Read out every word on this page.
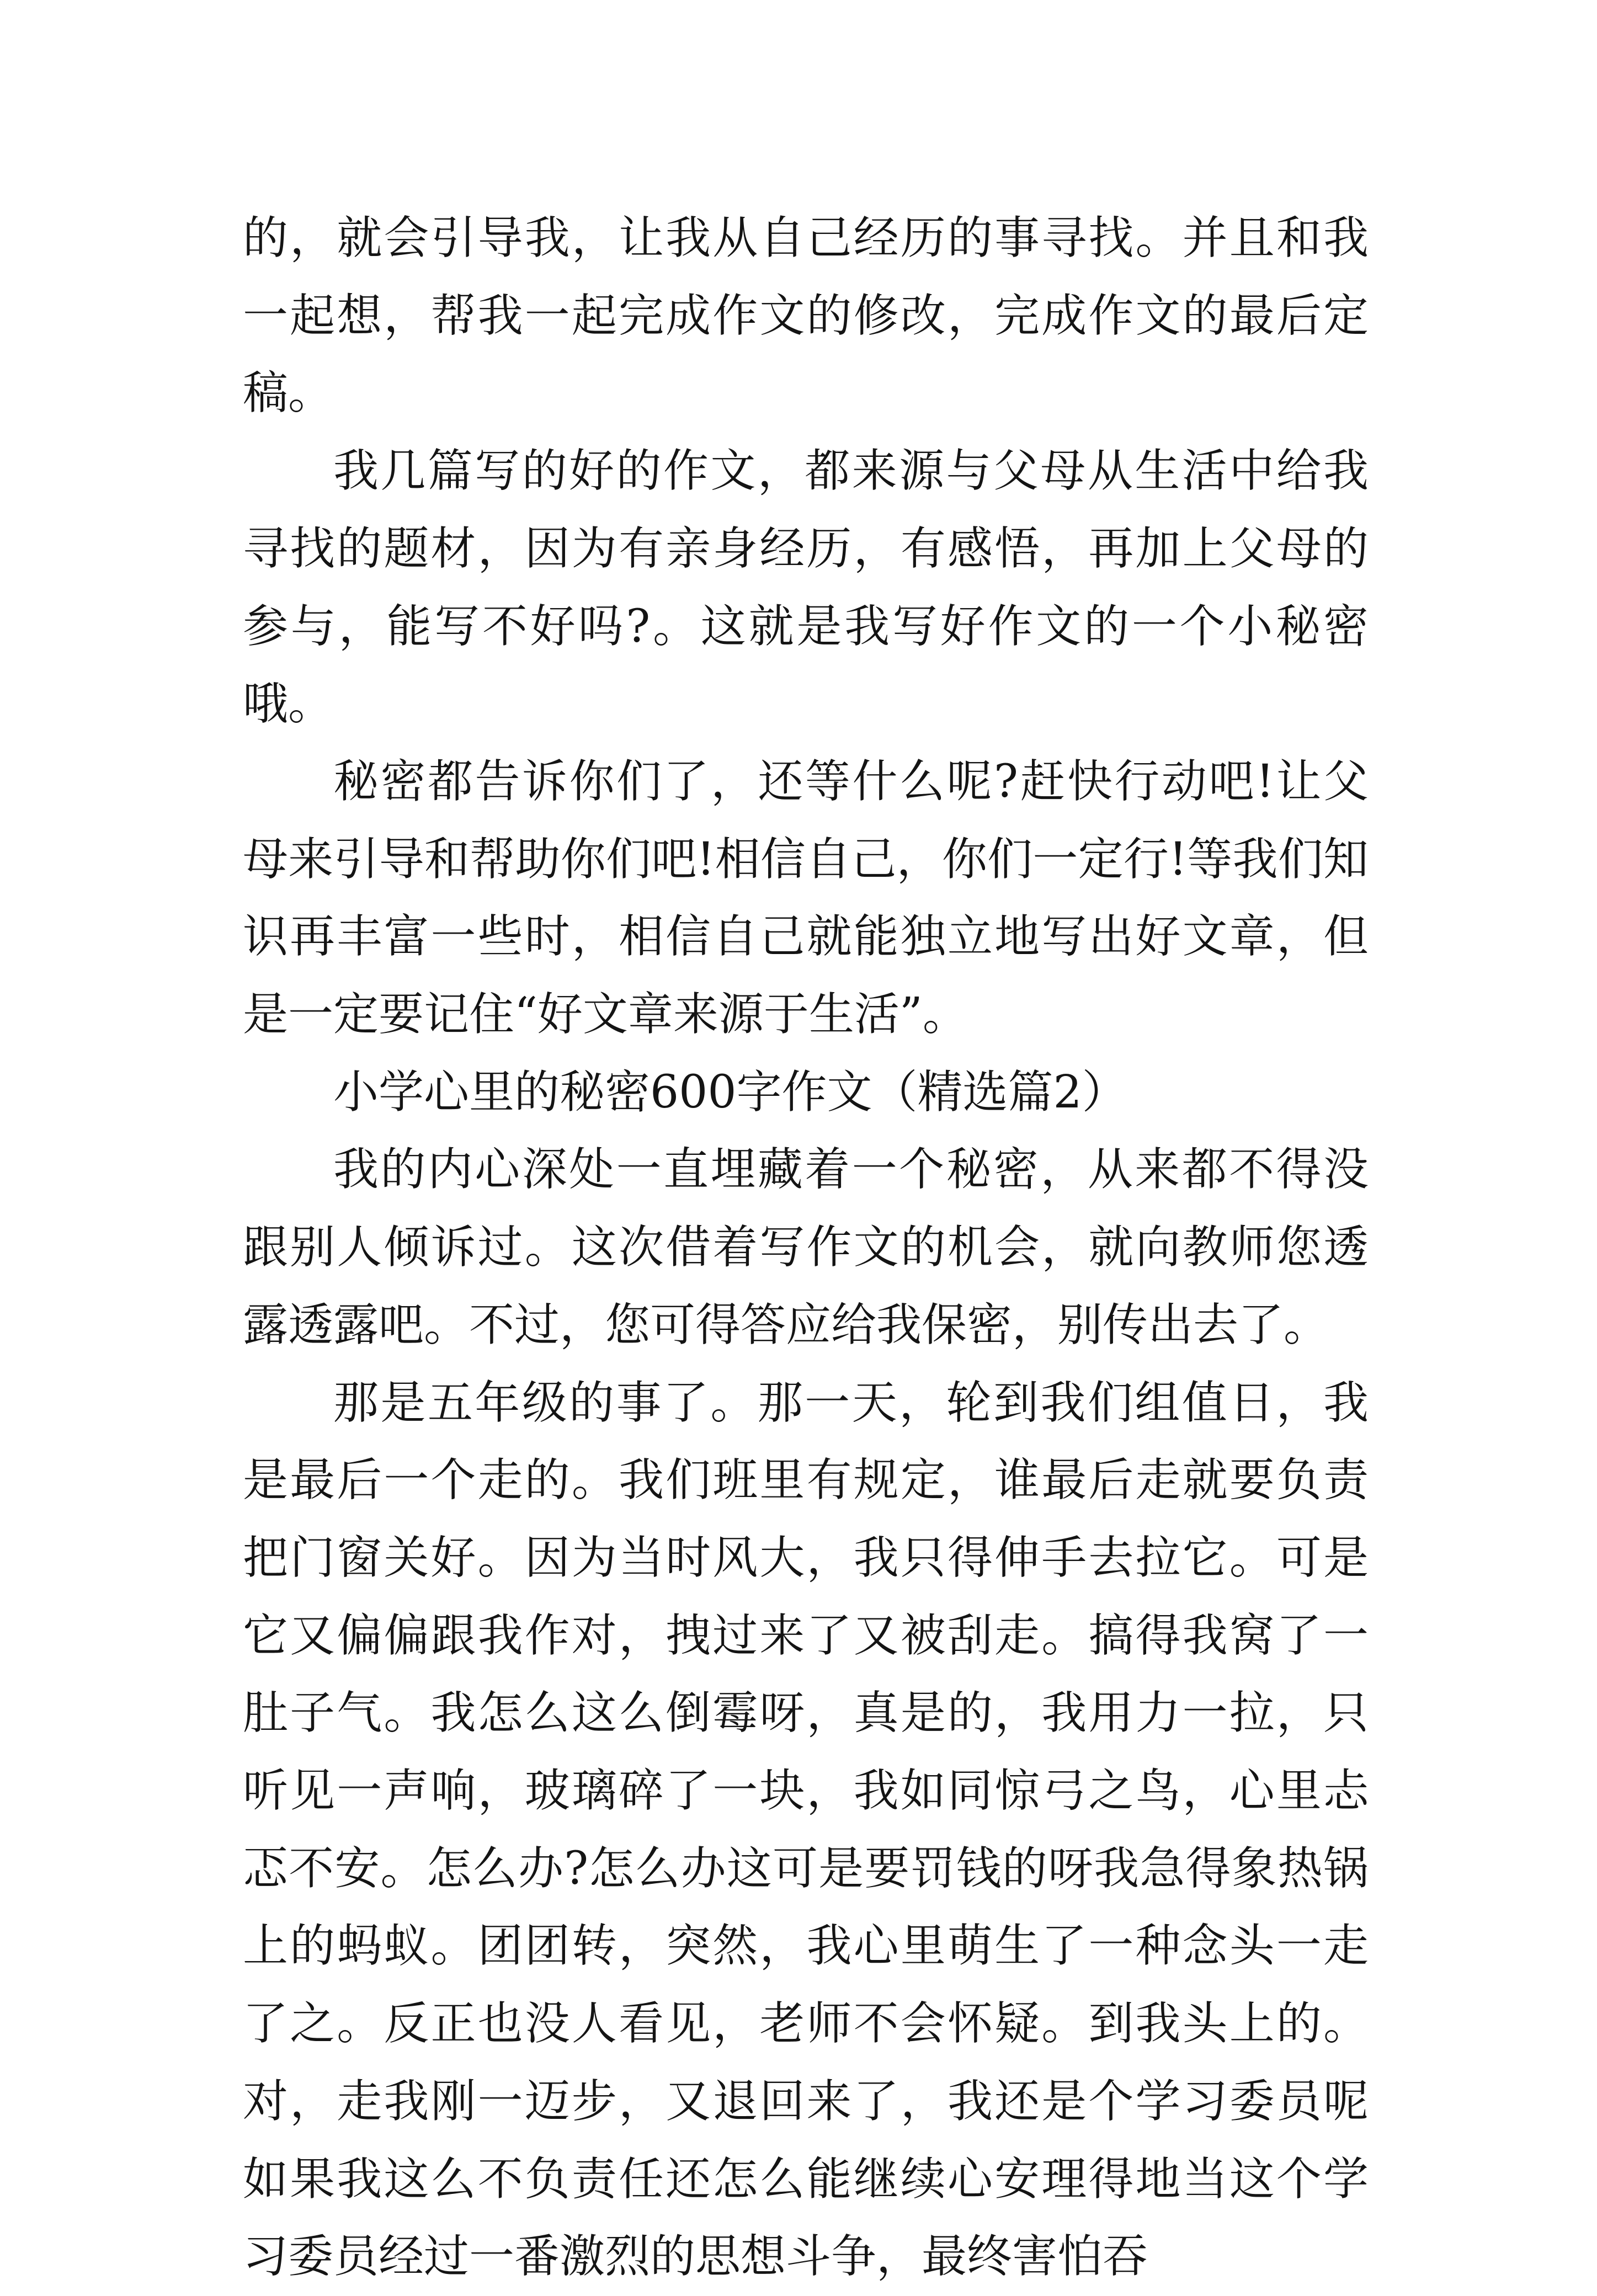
的，就会引导我，让我从自己经历的事寻找。并且和我一起想，帮我一起完成作文的修改，完成作文的最后定稿。

我几篇写的好的作文，都来源与父母从生活中给我寻找的题材，因为有亲身经历，有感悟，再加上父母的参与，能写不好吗?。这就是我写好作文的一个小秘密哦。

秘密都告诉你们了，还等什么呢?赶快行动吧!让父母来引导和帮助你们吧!相信自己，你们一定行!等我们知识再丰富一些时，相信自己就能独立地写出好文章，但是一定要记住“好文章来源于生活”。

小学心里的秘密600字作文（精选篇2）

我的内心深处一直埋藏着一个秘密，从来都不得没跟别人倾诉过。这次借着写作文的机会，就向教师您透露透露吧。不过，您可得答应给我保密，别传出去了。

那是五年级的事了。那一天，轮到我们组值日，我是最后一个走的。我们班里有规定，谁最后走就要负责把门窗关好。因为当时风大，我只得伸手去拉它。可是它又偏偏跟我作对，拽过来了又被刮走。搞得我窝了一肚子气。我怎么这么倒霉呀，真是的，我用力一拉，只听见一声响，玻璃碎了一块，我如同惊弓之鸟，心里忐忑不安。怎么办?怎么办这可是要罚钱的呀我急得象热锅上的蚂蚁。团团转，突然，我心里萌生了一种念头一走了之。反正也没人看见，老师不会怀疑。到我头上的。对，走我刚一迈步，又退回来了，我还是个学习委员呢如果我这么不负责任还怎么能继续心安理得地当这个学习委员经过一番激烈的思想斗争，最终害怕吞
